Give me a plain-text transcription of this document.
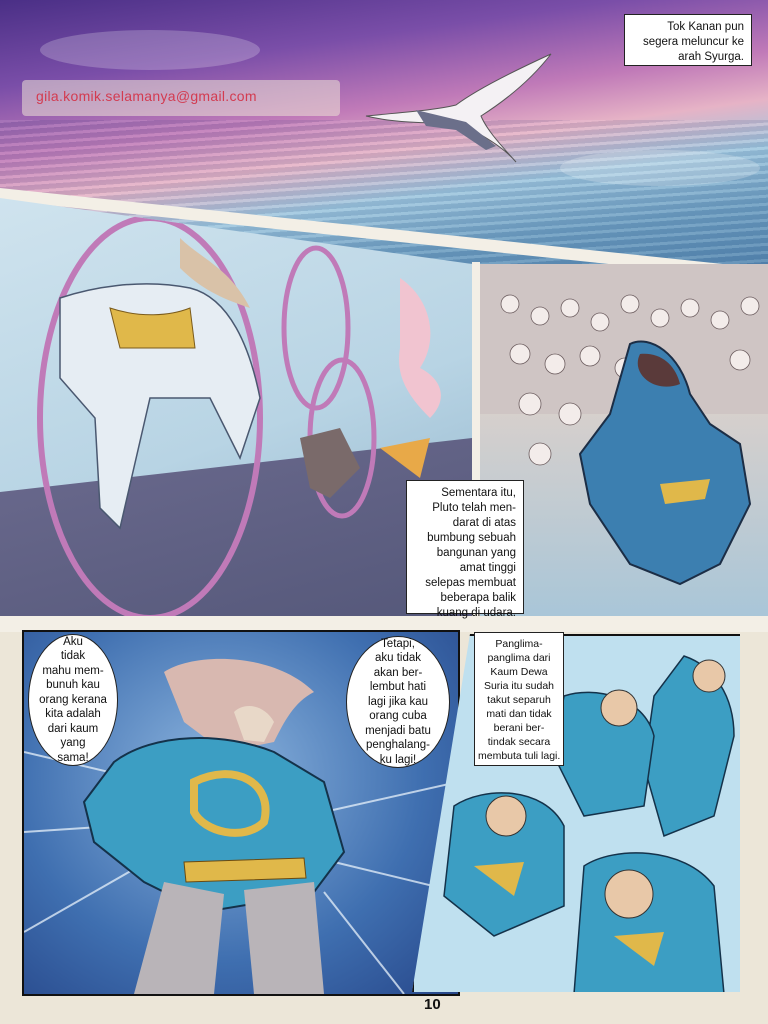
gila.komik.selamanya@gmail.com
Tok Kanan pun
segera meluncur ke
arah Syurga.
Sementara itu,
Pluto telah men-
darat di atas
bumbung sebuah
bangunan yang
amat tinggi
selepas membuat
beberapa balik
kuang di udara.
Aku
tidak
mahu mem-
bunuh kau
orang kerana
kita adalah
dari kaum
yang
sama!
Tetapi,
aku tidak
akan ber-
lembut hati
lagi jika kau
orang cuba
menjadi batu
penghalang-
ku lagi!
Panglima-
panglima dari
Kaum Dewa
Suria itu sudah
takut separuh
mati dan tidak
berani ber-
tindak secara
membuta tuli lagi.
10
